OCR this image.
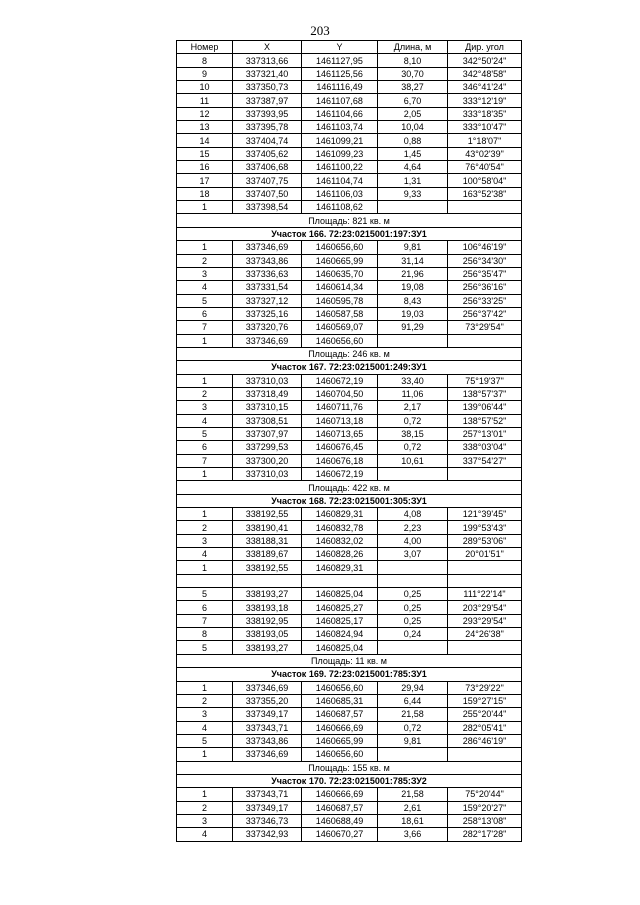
203
Номер	X	Y	Длина, м	Дир. угол
8	337313,66	1461127,95	8,10	342°50'24"
9	337321,40	1461125,56	30,70	342°48'58"
10	337350,73	1461116,49	38,27	346°41'24"
11	337387,97	1461107,68	6,70	333°12'19"
12	337393,95	1461104,66	2,05	333°18'35"
13	337395,78	1461103,74	10,04	333°10'47"
14	337404,74	1461099,21	0,88	1°18'07"
15	337405,62	1461099,23	1,45	43°02'39"
16	337406,68	1461100,22	4,64	76°40'54"
17	337407,75	1461104,74	1,31	100°58'04"
18	337407,50	1461106,03	9,33	163°52'38"
1	337398,54	1461108,62		
Площадь: 821 кв. м				
Участок 166. 72:23:0215001:197:ЗУ1				
1	337346,69	1460656,60	9,81	106°46'19"
2	337343,86	1460665,99	31,14	256°34'30"
3	337336,63	1460635,70	21,96	256°35'47"
4	337331,54	1460614,34	19,08	256°36'16"
5	337327,12	1460595,78	8,43	256°33'25"
6	337325,16	1460587,58	19,03	256°37'42"
7	337320,76	1460569,07	91,29	73°29'54"
1	337346,69	1460656,60		
Площадь: 246 кв. м				
Участок 167. 72:23:0215001:249:ЗУ1				
1	337310,03	1460672,19	33,40	75°19'37"
2	337318,49	1460704,50	11,06	138°57'37"
3	337310,15	1460711,76	2,17	139°06'44"
4	337308,51	1460713,18	0,72	138°57'52"
5	337307,97	1460713,65	38,15	257°13'01"
6	337299,53	1460676,45	0,72	338°03'04"
7	337300,20	1460676,18	10,61	337°54'27"
1	337310,03	1460672,19		
Площадь: 422 кв. м				
Участок 168. 72:23:0215001:305:ЗУ1				
1	338192,55	1460829,31	4,08	121°39'45"
2	338190,41	1460832,78	2,23	199°53'43"
3	338188,31	1460832,02	4,00	289°53'06"
4	338189,67	1460828,26	3,07	20°01'51"
1	338192,55	1460829,31		

5	338193,27	1460825,04	0,25	111°22'14"
6	338193,18	1460825,27	0,25	203°29'54"
7	338192,95	1460825,17	0,25	293°29'54"
8	338193,05	1460824,94	0,24	24°26'38"
5	338193,27	1460825,04		
Площадь: 11 кв. м				
Участок 169. 72:23:0215001:785:ЗУ1				
1	337346,69	1460656,60	29,94	73°29'22"
2	337355,20	1460685,31	6,44	159°27'15"
3	337349,17	1460687,57	21,58	255°20'44"
4	337343,71	1460666,69	0,72	282°05'41"
5	337343,86	1460665,99	9,81	286°46'19"
1	337346,69	1460656,60		
Площадь: 155 кв. м				
Участок 170. 72:23:0215001:785:ЗУ2				
1	337343,71	1460666,69	21,58	75°20'44"
2	337349,17	1460687,57	2,61	159°20'27"
3	337346,73	1460688,49	18,61	258°13'08"
4	337342,93	1460670,27	3,66	282°17'28"
